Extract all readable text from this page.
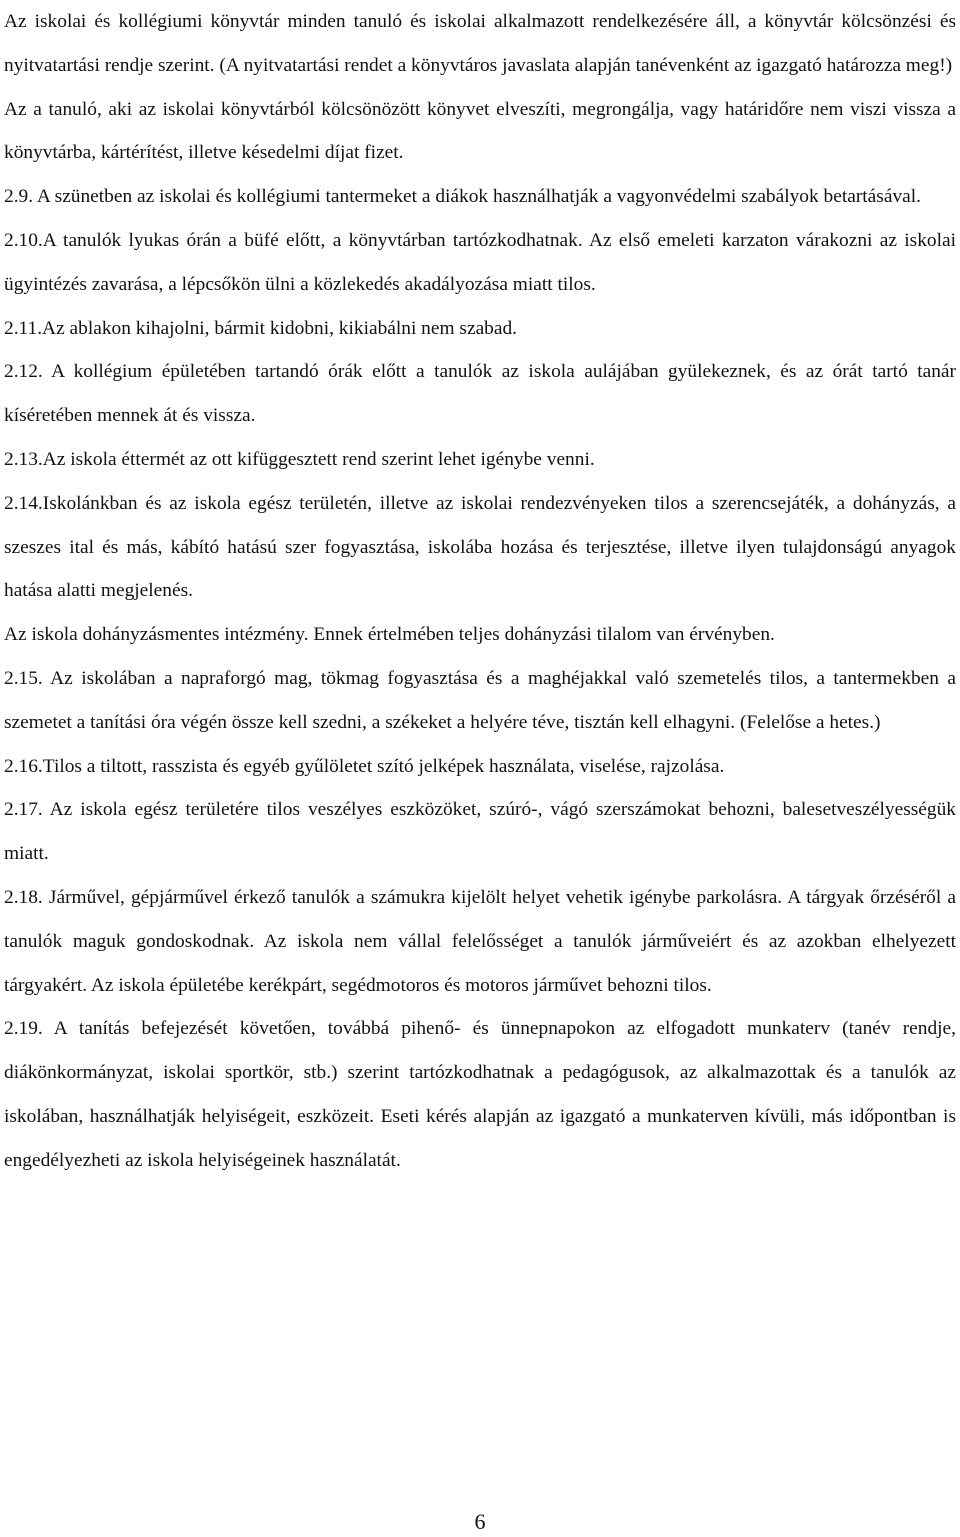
Az iskolai és kollégiumi könyvtár minden tanuló és iskolai alkalmazott rendelkezésére áll, a könyvtár kölcsönzési és nyitvatartási rendje szerint. (A nyitvatartási rendet a könyvtáros javaslata alapján tanévenként az igazgató határozza meg!)

Az a tanuló, aki az iskolai könyvtárból kölcsönözött könyvet elveszíti, megrongálja, vagy határidőre nem viszi vissza a könyvtárba, kártérítést, illetve késedelmi díjat fizet.

2.9. A szünetben az iskolai és kollégiumi tantermeket a diákok használhatják a vagyonvédelmi szabályok betartásával.

2.10.A tanulók lyukas órán a büfé előtt, a könyvtárban tartózkodhatnak. Az első emeleti karzaton várakozni az iskolai ügyintézés zavarása, a lépcsőkön ülni a közlekedés akadályozása miatt tilos.

2.11.Az ablakon kihajolni, bármit kidobni, kikiabálni nem szabad.

2.12. A kollégium épületében tartandó órák előtt a tanulók az iskola aulájában gyülekeznek, és az órát tartó tanár kíséretében mennek át és vissza.

2.13.Az iskola éttermét az ott kifüggesztett rend szerint lehet igénybe venni.

2.14.Iskolánkban és az iskola egész területén, illetve az iskolai rendezvényeken tilos a szerencsejáték, a dohányzás, a szeszes ital és más, kábító hatású szer fogyasztása, iskolába hozása és terjesztése, illetve ilyen tulajdonságú anyagok hatása alatti megjelenés.

Az iskola dohányzásmentes intézmény. Ennek értelmében teljes dohányzási tilalom van érvényben.

2.15. Az iskolában a napraforgó mag, tökmag fogyasztása és a maghéjakkal való szemetelés tilos, a tantermekben a szemetet a tanítási óra végén össze kell szedni, a székeket a helyére téve, tisztán kell elhagyni. (Felelőse a hetes.)

2.16.Tilos a tiltott, rasszista és egyéb gyűlöletet szító jelképek használata, viselése, rajzolása.

2.17. Az iskola egész területére tilos veszélyes eszközöket, szúró-, vágó szerszámokat behozni, balesetveszélyességük miatt.

2.18. Járművel, gépjárművel érkező tanulók a számukra kijelölt helyet vehetik igénybe parkolásra. A tárgyak őrzéséről a tanulók maguk gondoskodnak. Az iskola nem vállal felelősséget a tanulók járműveiért és az azokban elhelyezett tárgyakért. Az iskola épületébe kerékpárt, segédmotoros és motoros járművet behozni tilos.

2.19. A tanítás befejezését követően, továbbá pihenő- és ünnepnapokon az elfogadott munkaterv (tanév rendje, diákönkormányzat, iskolai sportkör, stb.) szerint tartózkodhatnak a pedagógusok, az alkalmazottak és a tanulók az iskolában, használhatják helyiségeit, eszközeit. Eseti kérés alapján az igazgató a munkaterven kívüli, más időpontban is engedélyezheti az iskola helyiségeinek használatát.

6
